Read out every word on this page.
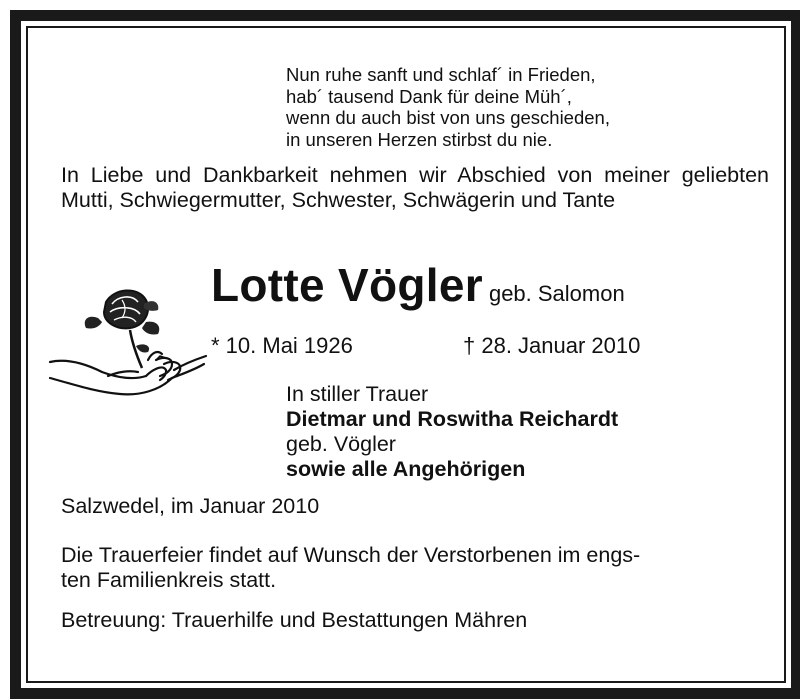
Nun ruhe sanft und schlaf´ in Frieden,
hab´ tausend Dank für deine Müh´,
wenn du auch bist von uns geschieden,
in unseren Herzen stirbst du nie.
In Liebe und Dankbarkeit nehmen wir Abschied von meiner geliebten Mutti, Schwiegermutter, Schwester, Schwägerin und Tante
Lotte Vögler geb. Salomon
* 10. Mai 1926	† 28. Januar 2010
In stiller Trauer
Dietmar und Roswitha Reichardt
geb. Vögler
sowie alle Angehörigen
Salzwedel, im Januar 2010
Die Trauerfeier findet auf Wunsch der Verstorbenen im engs-
ten Familienkreis statt.
Betreuung: Trauerhilfe und Bestattungen Mähren
